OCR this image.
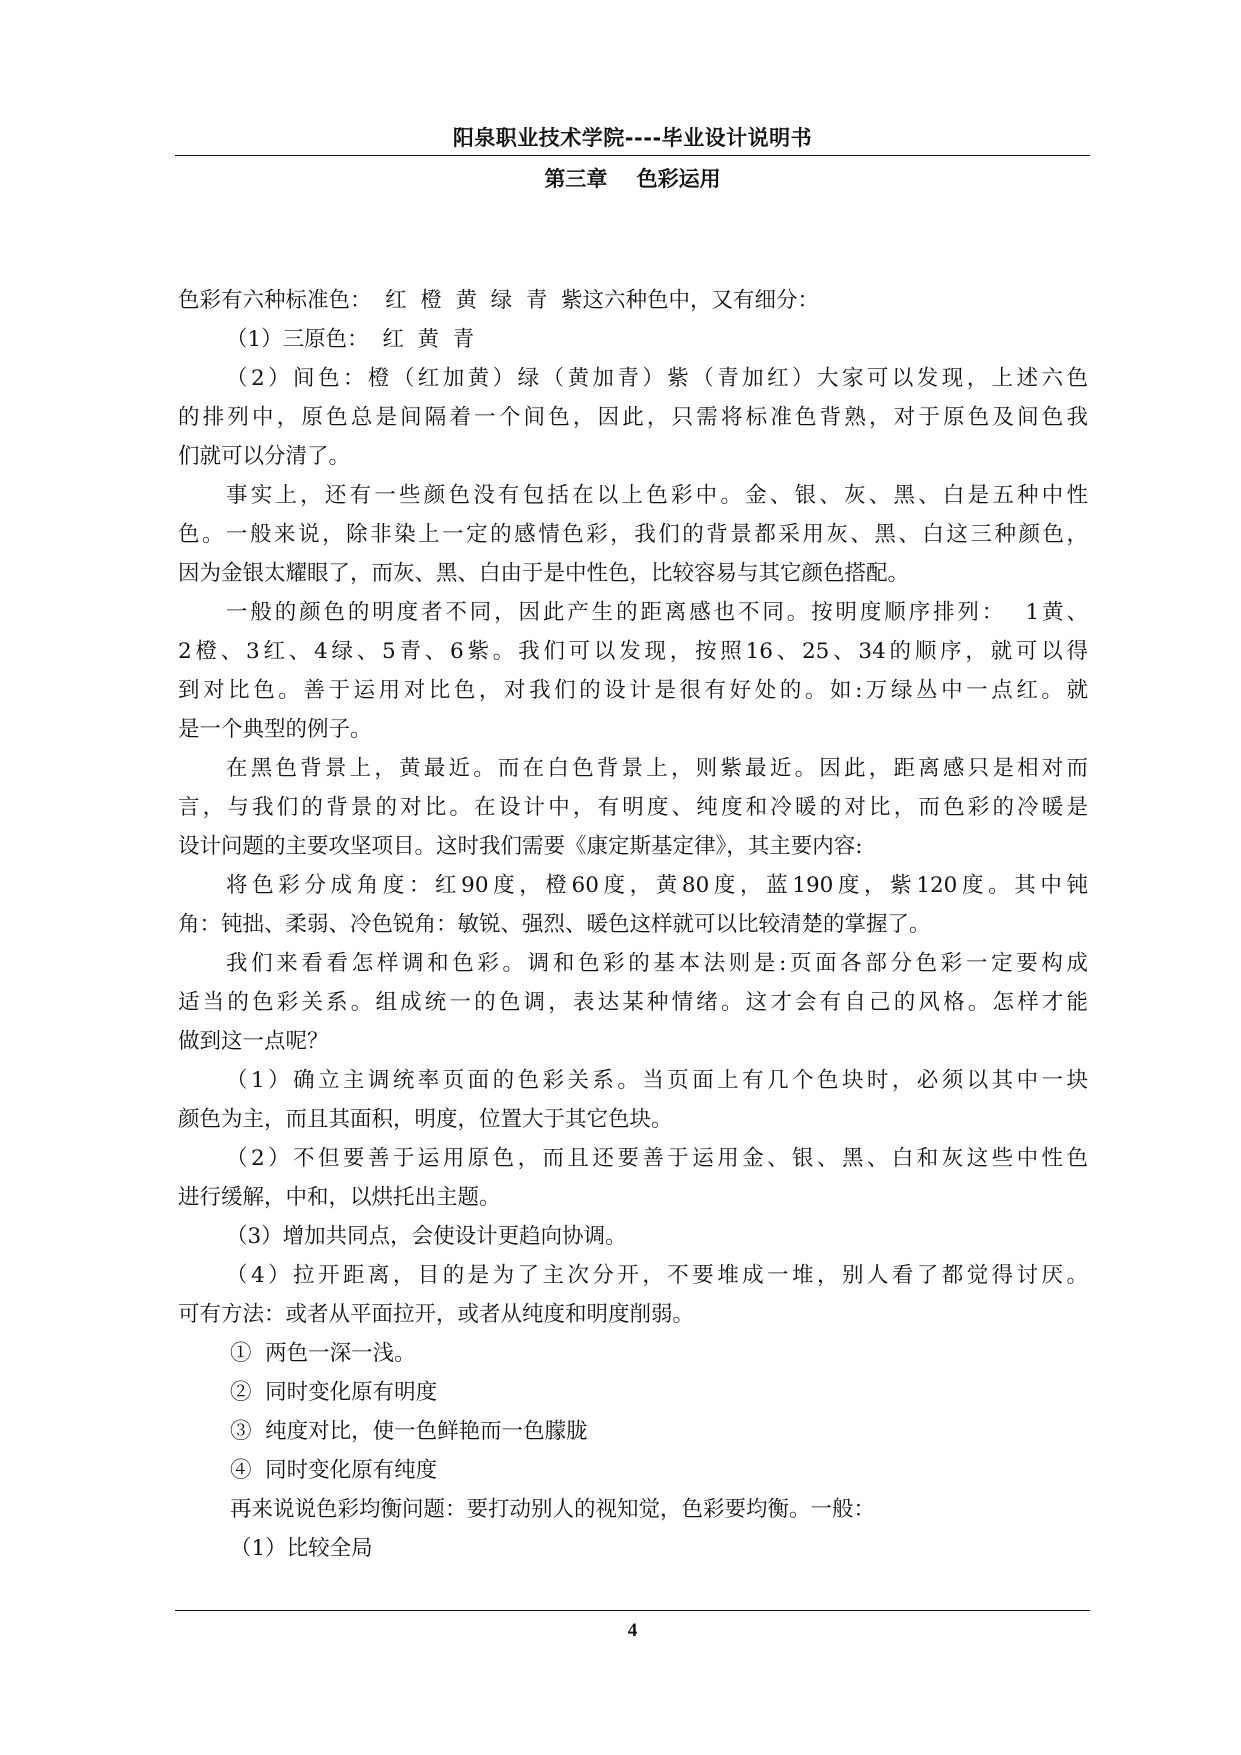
阳泉职业技术学院----毕业设计说明书
第三章    色彩运用
色彩有六种标准色：  红  橙  黄  绿  青  紫这六种色中，又有细分：
（1）三原色：  红  黄  青
（2）间色：橙（红加黄）绿（黄加青）紫（青加红）大家可以发现，上述六色
的排列中，原色总是间隔着一个间色，因此，只需将标准色背熟，对于原色及间色我
们就可以分清了。
事实上，还有一些颜色没有包括在以上色彩中。金、银、灰、黑、白是五种中性
色。一般来说，除非染上一定的感情色彩，我们的背景都采用灰、黑、白这三种颜色，
因为金银太耀眼了，而灰、黑、白由于是中性色，比较容易与其它颜色搭配。
一般的颜色的明度者不同，因此产生的距离感也不同。按明度顺序排列：  1黄、
2橙、3红、4绿、5青、6紫。我们可以发现，按照16、25、34的顺序，就可以得
到对比色。善于运用对比色，对我们的设计是很有好处的。如:万绿丛中一点红。就
是一个典型的例子。
在黑色背景上，黄最近。而在白色背景上，则紫最近。因此，距离感只是相对而
言，与我们的背景的对比。在设计中，有明度、纯度和冷暖的对比，而色彩的冷暖是
设计问题的主要攻坚项目。这时我们需要《康定斯基定律》，其主要内容:
将色彩分成角度：红90度，橙60度，黄80度，蓝190度，紫120度。其中钝
角：钝拙、柔弱、冷色锐角：敏锐、强烈、暖色这样就可以比较清楚的掌握了。
我们来看看怎样调和色彩。调和色彩的基本法则是:页面各部分色彩一定要构成
适当的色彩关系。组成统一的色调，表达某种情绪。这才会有自己的风格。怎样才能
做到这一点呢？
（1）确立主调统率页面的色彩关系。当页面上有几个色块时，必须以其中一块
颜色为主，而且其面积，明度，位置大于其它色块。
（2）不但要善于运用原色，而且还要善于运用金、银、黑、白和灰这些中性色
进行缓解，中和，以烘托出主题。
（3）增加共同点，会使设计更趋向协调。
（4）拉开距离，目的是为了主次分开，不要堆成一堆，别人看了都觉得讨厌。
可有方法：或者从平面拉开，或者从纯度和明度削弱。
①  两色一深一浅。
②  同时变化原有明度
③  纯度对比，使一色鲜艳而一色朦胧
④  同时变化原有纯度
再来说说色彩均衡问题：要打动别人的视知觉，色彩要均衡。一般：
（1）比较全局
4
